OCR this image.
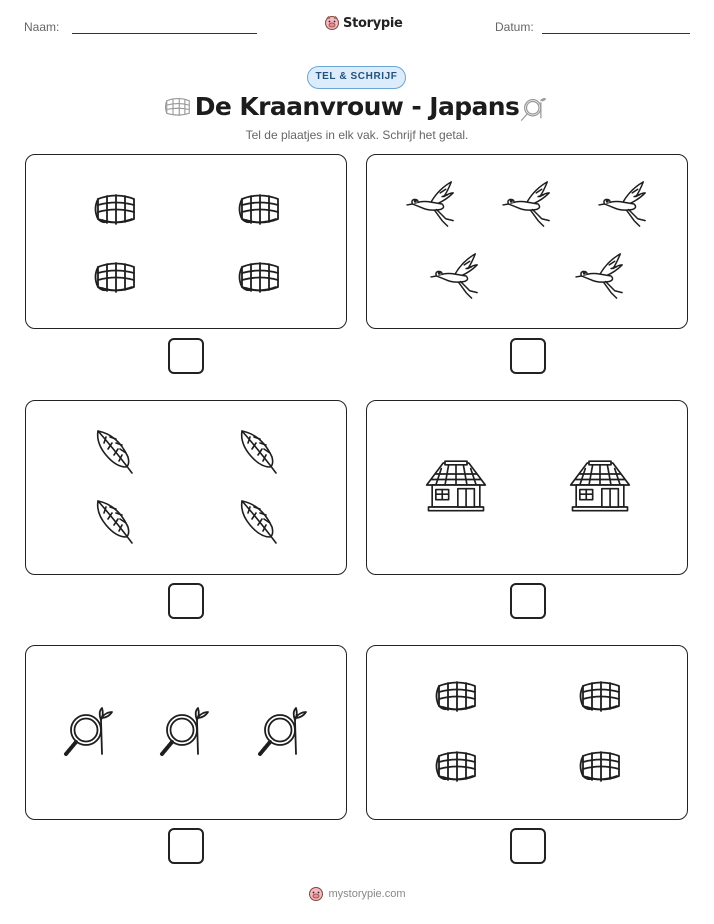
Naam:	Storypie	Datum:
TEL & SCHRIJF
De Kraanvrouw - Japans
Tel de plaatjes in elk vak. Schrijf het getal.
mystorypie.com
